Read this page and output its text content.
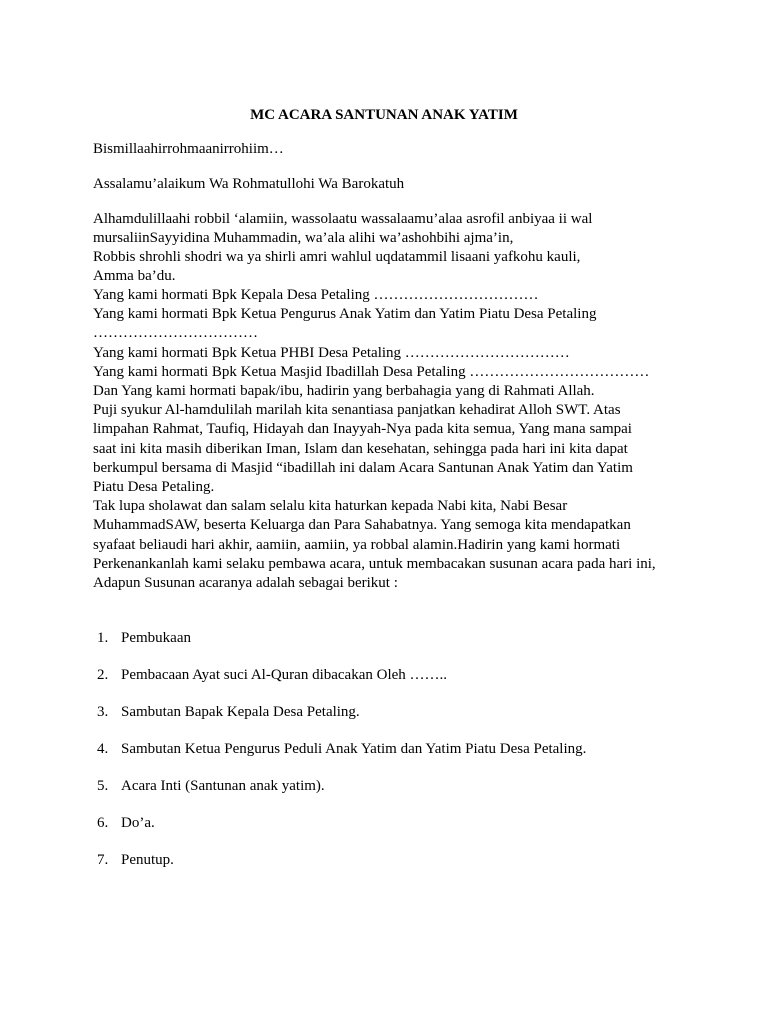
MC ACARA SANTUNAN ANAK YATIM
Bismillaahirrohmaanirrohiim…
Assalamu’alaikum Wa Rohmatullohi Wa Barokatuh
Alhamdulillaahi robbil ‘alamiin, wassolaatu wassalaamu’alaa asrofil anbiyaa ii wal
mursaliinSayyidina Muhammadin, wa’ala alihi wa’ashohbihi ajma’in,
Robbis shrohli shodri wa ya shirli amri wahlul uqdatammil lisaani yafkohu kauli,
Amma ba’du.
Yang kami hormati Bpk Kepala Desa Petaling ……………………………
Yang kami hormati Bpk Ketua Pengurus Anak Yatim dan Yatim Piatu Desa Petaling
……………………………
Yang kami hormati Bpk Ketua PHBI Desa Petaling ……………………………
Yang kami hormati Bpk Ketua Masjid Ibadillah Desa Petaling ………………………………
Dan Yang kami hormati bapak/ibu, hadirin yang berbahagia yang di Rahmati Allah.
Puji syukur Al-hamdulilah marilah kita senantiasa panjatkan kehadirat Alloh SWT. Atas
limpahan Rahmat, Taufiq, Hidayah dan Inayyah-Nya pada kita semua, Yang mana sampai
saat ini kita masih diberikan Iman, Islam dan kesehatan, sehingga pada hari ini kita dapat
berkumpul bersama di Masjid “ibadillah ini dalam Acara Santunan Anak Yatim dan Yatim
Piatu Desa Petaling.
Tak lupa sholawat dan salam selalu kita haturkan kepada Nabi kita, Nabi Besar
MuhammadSAW, beserta Keluarga dan Para Sahabatnya. Yang semoga kita mendapatkan
syafaat beliaudi hari akhir, aamiin, aamiin, ya robbal alamin.Hadirin yang kami hormati
Perkenankanlah kami selaku pembawa acara, untuk membacakan susunan acara pada hari ini,
Adapun Susunan acaranya adalah sebagai berikut :
1. Pembukaan
2. Pembacaan Ayat suci Al-Quran dibacakan Oleh ……..
3. Sambutan Bapak Kepala Desa Petaling.
4. Sambutan Ketua Pengurus Peduli Anak Yatim dan Yatim Piatu Desa Petaling.
5. Acara Inti (Santunan anak yatim).
6. Do’a.
7. Penutup.
